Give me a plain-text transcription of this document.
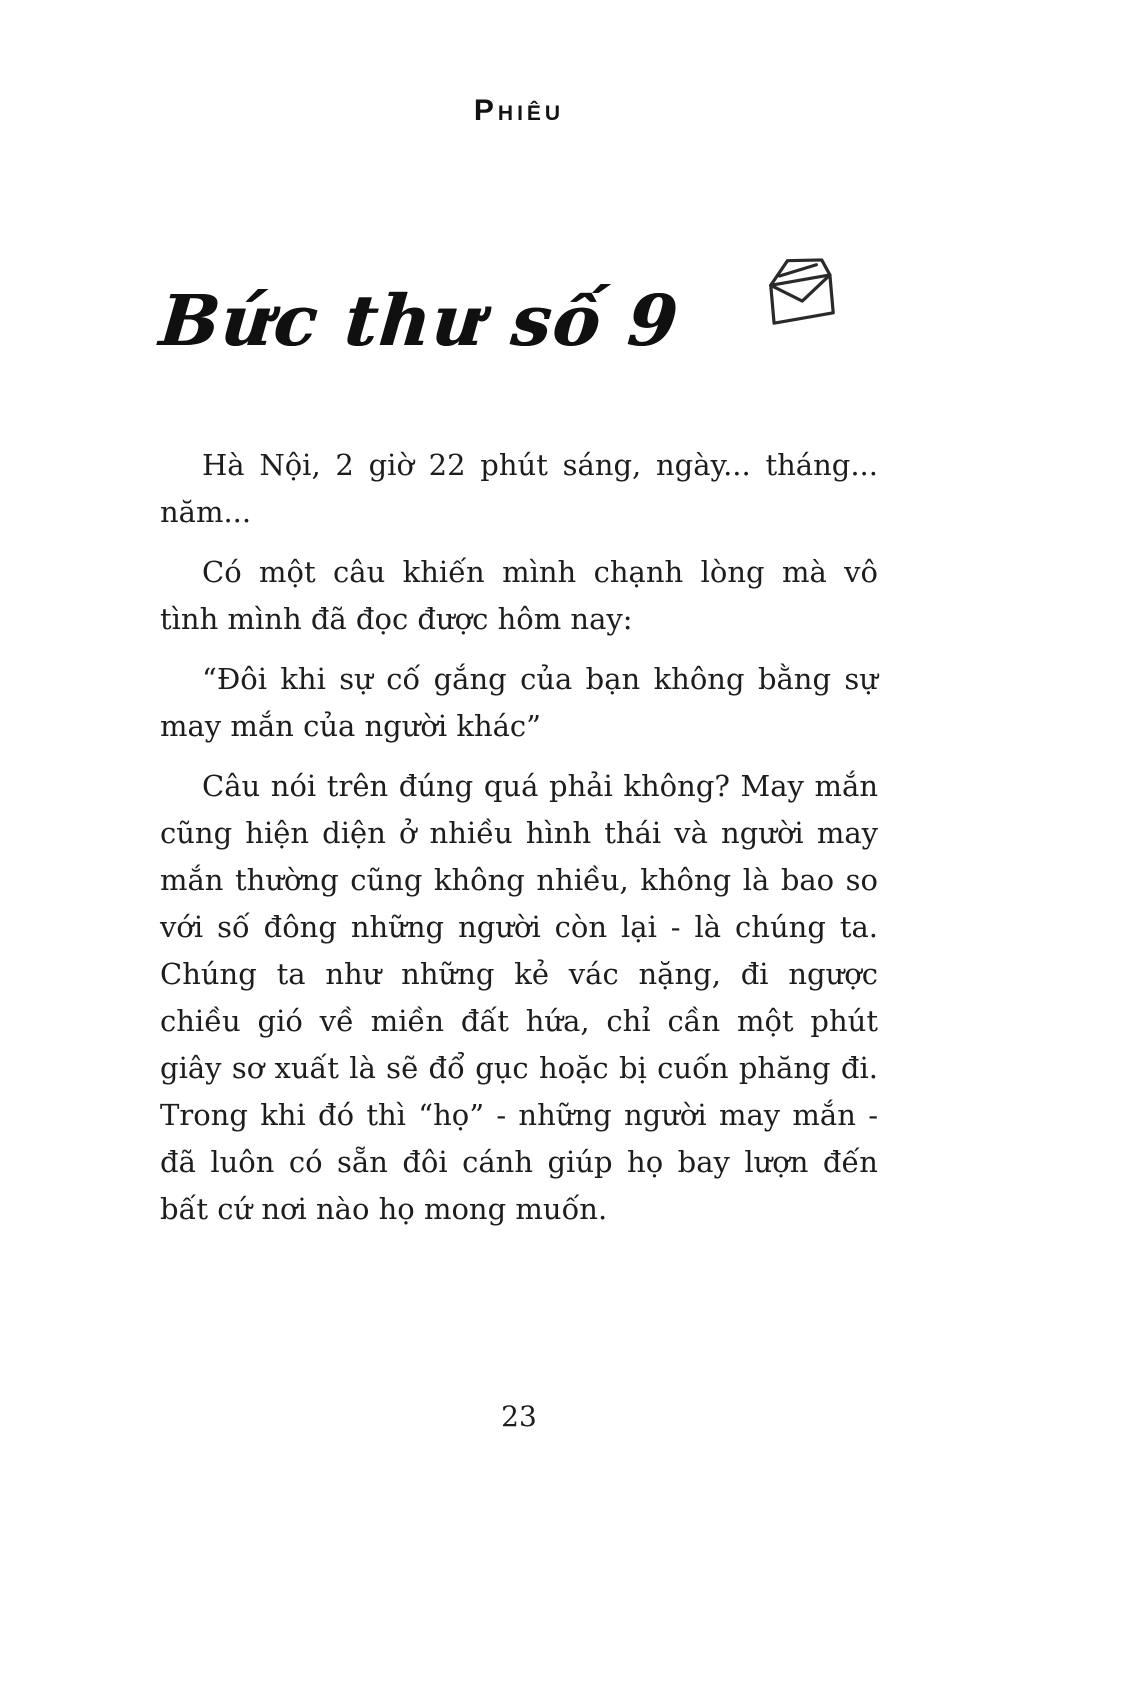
Phiêu
Bức thư số 9

Hà Nội, 2 giờ 22 phút sáng, ngày... tháng... năm...

Có một câu khiến mình chạnh lòng mà vô tình mình đã đọc được hôm nay:

“Đôi khi sự cố gắng của bạn không bằng sự may mắn của người khác”

Câu nói trên đúng quá phải không? May mắn cũng hiện diện ở nhiều hình thái và người may mắn thường cũng không nhiều, không là bao so với số đông những người còn lại - là chúng ta. Chúng ta như những kẻ vác nặng, đi ngược chiều gió về miền đất hứa, chỉ cần một phút giây sơ xuất là sẽ đổ gục hoặc bị cuốn phăng đi. Trong khi đó thì “họ” - những người may mắn - đã luôn có sẵn đôi cánh giúp họ bay lượn đến bất cứ nơi nào họ mong muốn.

23
